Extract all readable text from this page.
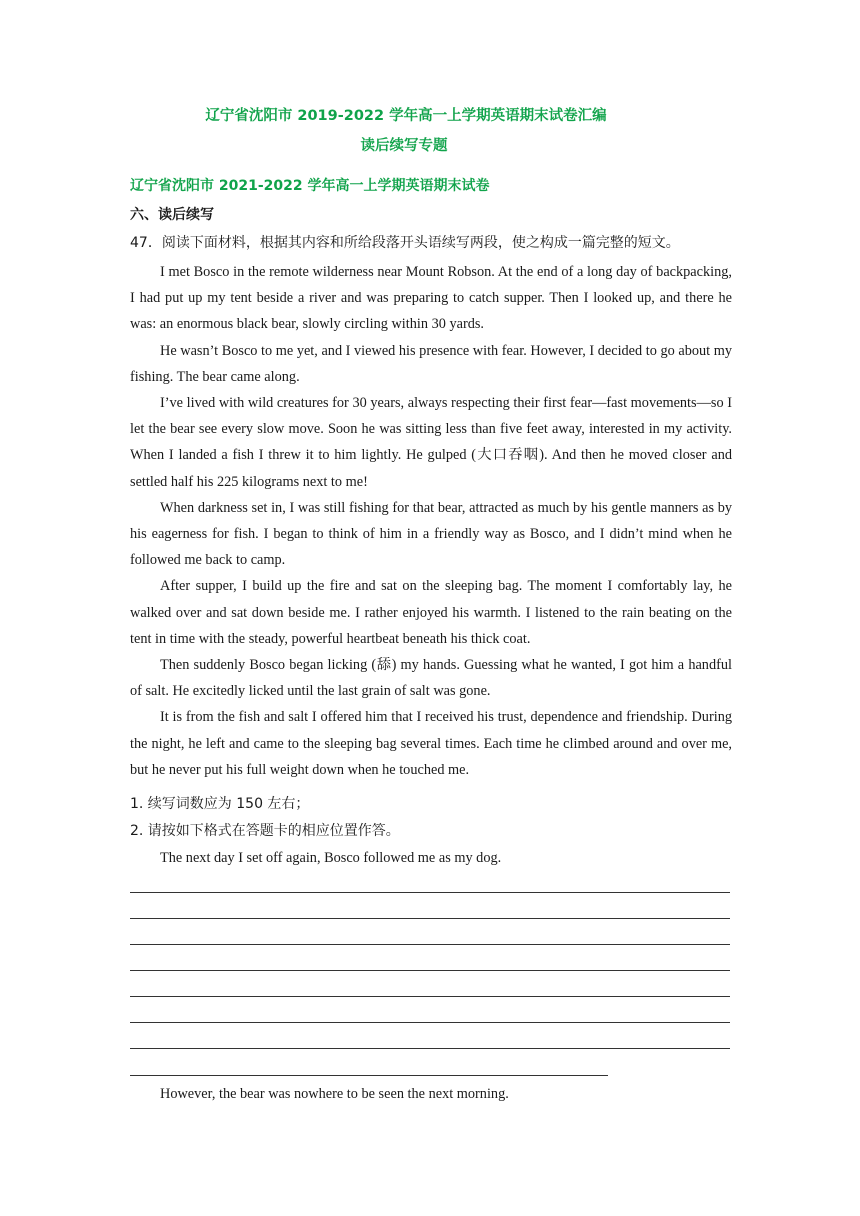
辽宁省沈阳市 2019-2022 学年高一上学期英语期末试卷汇编
读后续写专题
辽宁省沈阳市 2021-2022 学年高一上学期英语期末试卷
六、读后续写
47．阅读下面材料，根据其内容和所给段落开头语续写两段，使之构成一篇完整的短文。

I met Bosco in the remote wilderness near Mount Robson. At the end of a long day of backpacking, I had put up my tent beside a river and was preparing to catch supper. Then I looked up, and there he was: an enormous black bear, slowly circling within 30 yards.

He wasn’t Bosco to me yet, and I viewed his presence with fear. However, I decided to go about my fishing. The bear came along.

I’ve lived with wild creatures for 30 years, always respecting their first fear—fast movements—so I let the bear see every slow move. Soon he was sitting less than five feet away, interested in my activity. When I landed a fish I threw it to him lightly. He gulped (大口吞咽). And then he moved closer and settled half his 225 kilograms next to me!

When darkness set in, I was still fishing for that bear, attracted as much by his gentle manners as by his eagerness for fish. I began to think of him in a friendly way as Bosco, and I didn’t mind when he followed me back to camp.

After supper, I build up the fire and sat on the sleeping bag. The moment I comfortably lay, he walked over and sat down beside me. I rather enjoyed his warmth. I listened to the rain beating on the tent in time with the steady, powerful heartbeat beneath his thick coat.

Then suddenly Bosco began licking (舔) my hands. Guessing what he wanted, I got him a handful of salt. He excitedly licked until the last grain of salt was gone.

It is from the fish and salt I offered him that I received his trust, dependence and friendship. During the night, he left and came to the sleeping bag several times. Each time he climbed around and over me, but he never put his full weight down when he touched me.

1. 续写词数应为 150 左右；
2. 请按如下格式在答题卡的相应位置作答。
The next day I set off again, Bosco followed me as my dog.
However, the bear was nowhere to be seen the next morning.
